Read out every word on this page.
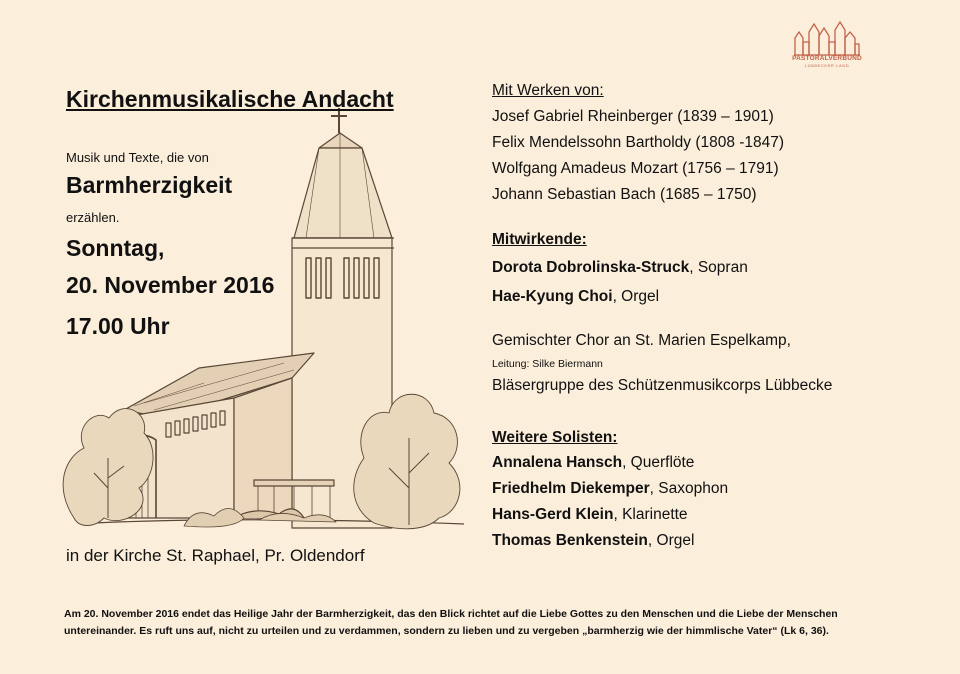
PASTORALVERBUND
LÜBBECKER LAND
Kirchenmusikalische Andacht
Musik und Texte, die von
Barmherzigkeit
erzählen.
Sonntag,
20. November 2016
17.00 Uhr
in der Kirche St. Raphael, Pr. Oldendorf
Mit Werken von:
Josef Gabriel Rheinberger (1839 – 1901)
Felix Mendelssohn Bartholdy (1808 -1847)
Wolfgang Amadeus Mozart (1756 – 1791)
Johann Sebastian Bach (1685 – 1750)
Mitwirkende:
Dorota Dobrolinska-Struck, Sopran
Hae-Kyung Choi, Orgel
Gemischter Chor an St. Marien Espelkamp,
Leitung: Silke Biermann
Bläsergruppe des Schützenmusikcorps Lübbecke
Weitere Solisten:
Annalena Hansch, Querflöte
Friedhelm Diekemper, Saxophon
Hans-Gerd Klein, Klarinette
Thomas Benkenstein, Orgel
Am 20. November 2016 endet das Heilige Jahr der Barmherzigkeit, das den Blick richtet auf die Liebe Gottes zu den Menschen und die Liebe der Menschen untereinander. Es ruft uns auf, nicht zu urteilen und zu verdammen, sondern zu lieben und zu vergeben „barmherzig wie der himmlische Vater“ (Lk 6, 36).
